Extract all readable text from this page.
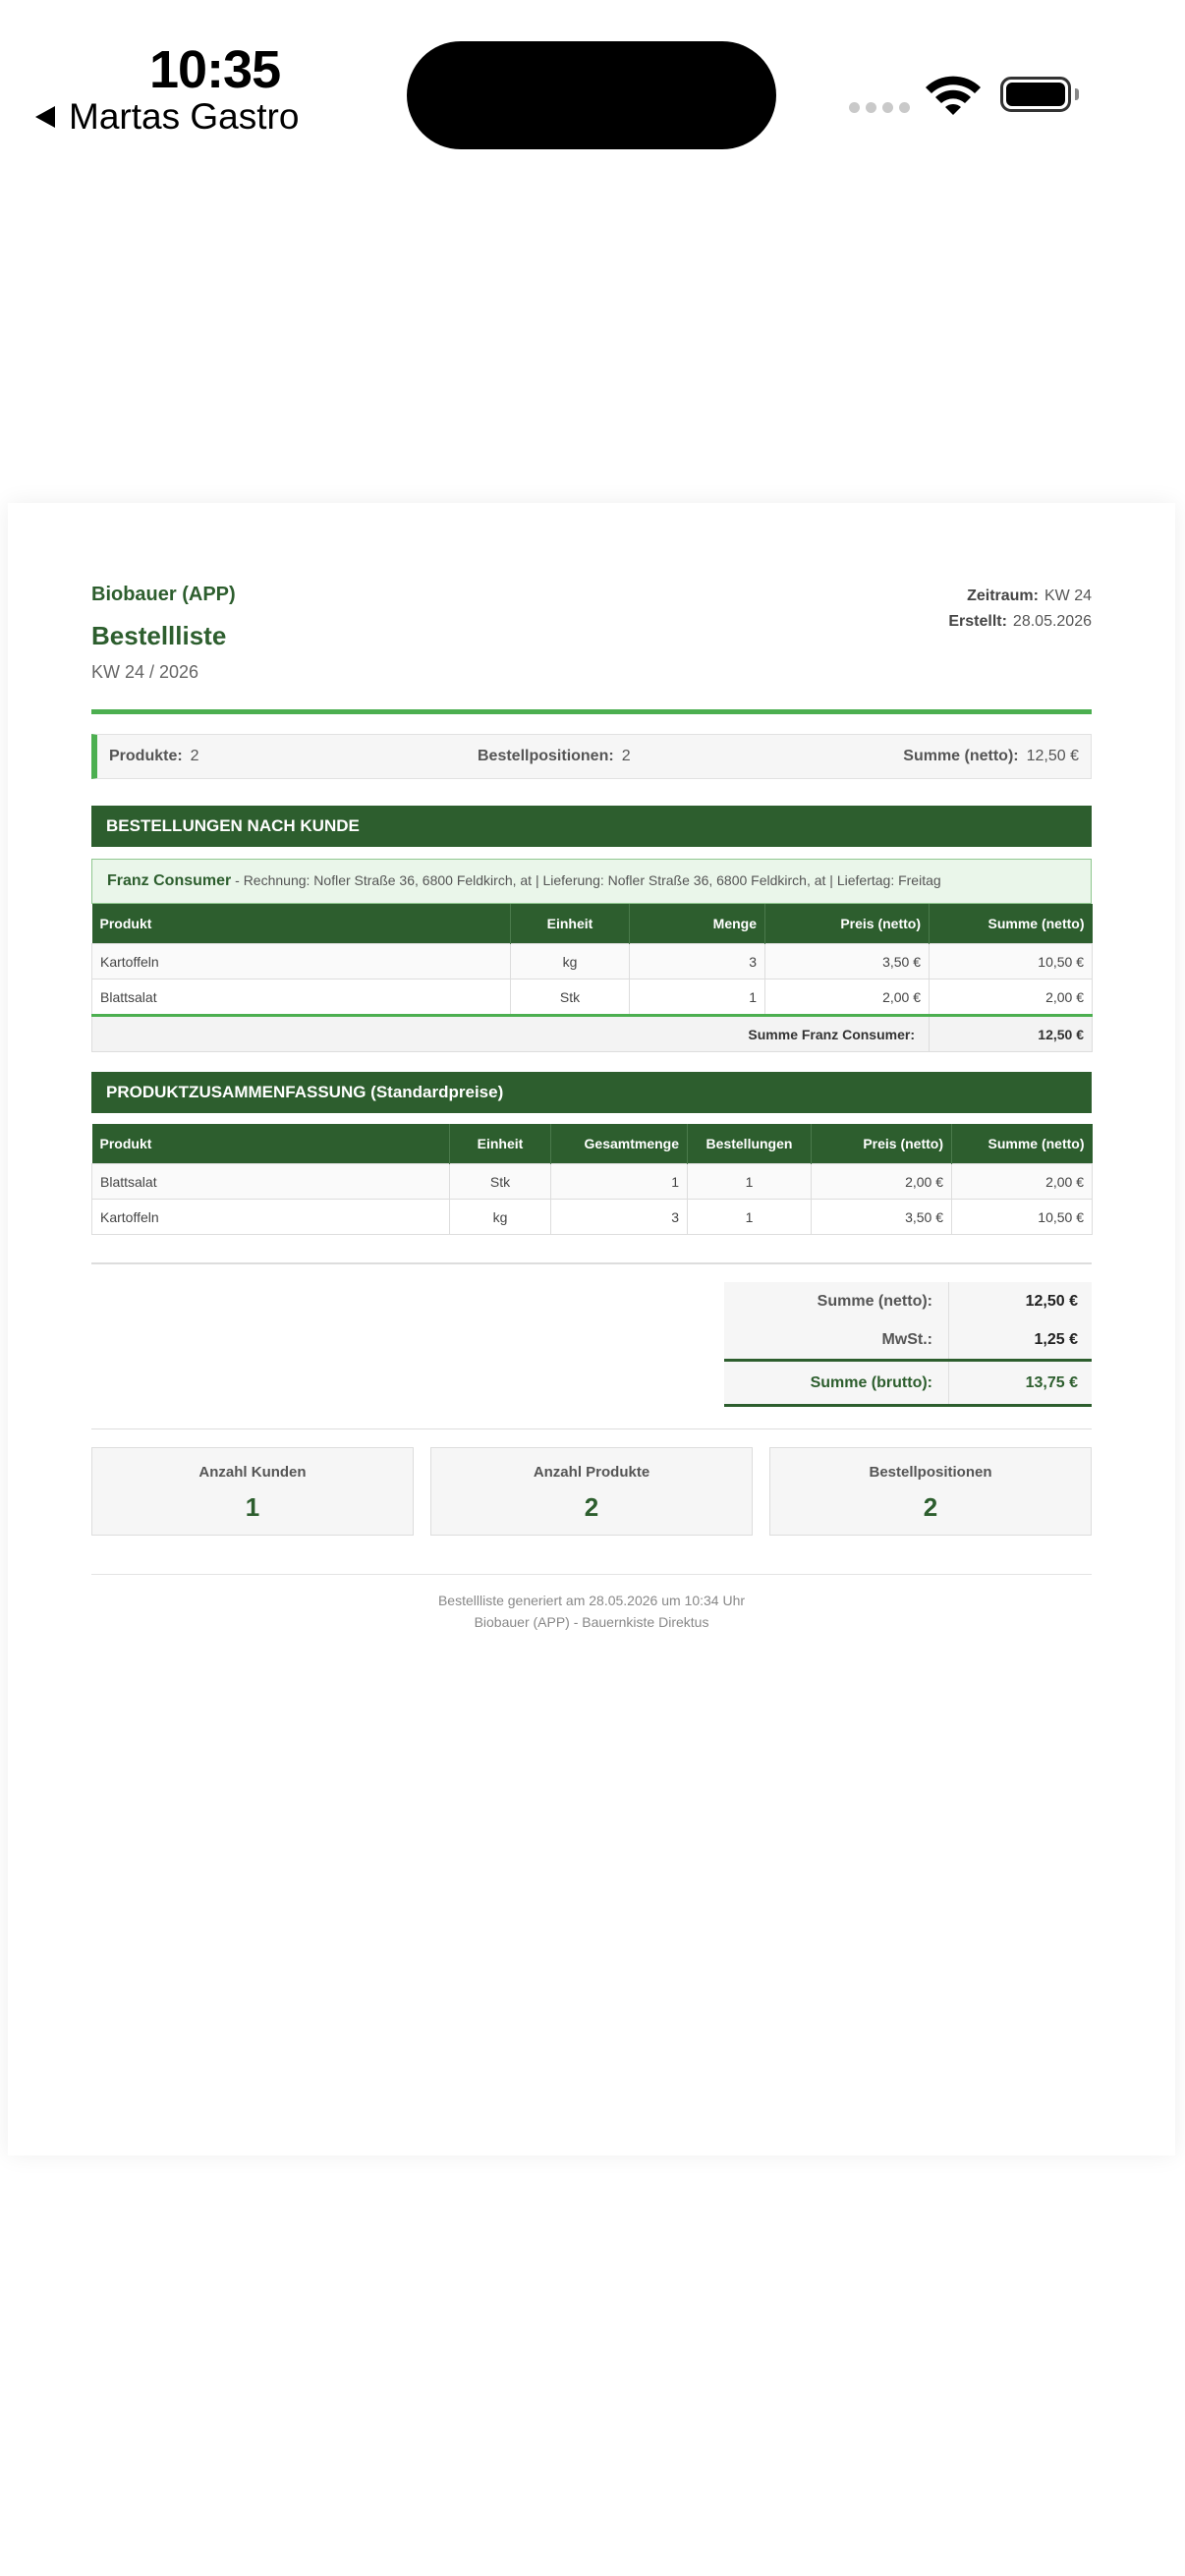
10:35
Martas Gastro
Biobauer (APP)
Bestellliste
KW 24 / 2026
Zeitraum: KW 24
Erstellt: 28.05.2026
Produkte: 2	Bestellpositionen: 2	Summe (netto): 12,50 €
BESTELLUNGEN NACH KUNDE
Franz Consumer - Rechnung: Nofler Straße 36, 6800 Feldkirch, at | Lieferung: Nofler Straße 36, 6800 Feldkirch, at | Liefertag: Freitag
Produkt	Einheit	Menge	Preis (netto)	Summe (netto)
Kartoffeln	kg	3	3,50 €	10,50 €
Blattsalat	Stk	1	2,00 €	2,00 €
Summe Franz Consumer:				12,50 €
PRODUKTZUSAMMENFASSUNG (Standardpreise)
Produkt	Einheit	Gesamtmenge	Bestellungen	Preis (netto)	Summe (netto)
Blattsalat	Stk	1	1	2,00 €	2,00 €
Kartoffeln	kg	3	1	3,50 €	10,50 €
Summe (netto):	12,50 €
MwSt.:	1,25 €
Summe (brutto):	13,75 €
Anzahl Kunden
1
Anzahl Produkte
2
Bestellpositionen
2
Bestellliste generiert am 28.05.2026 um 10:34 Uhr
Biobauer (APP) - Bauernkiste Direktus
